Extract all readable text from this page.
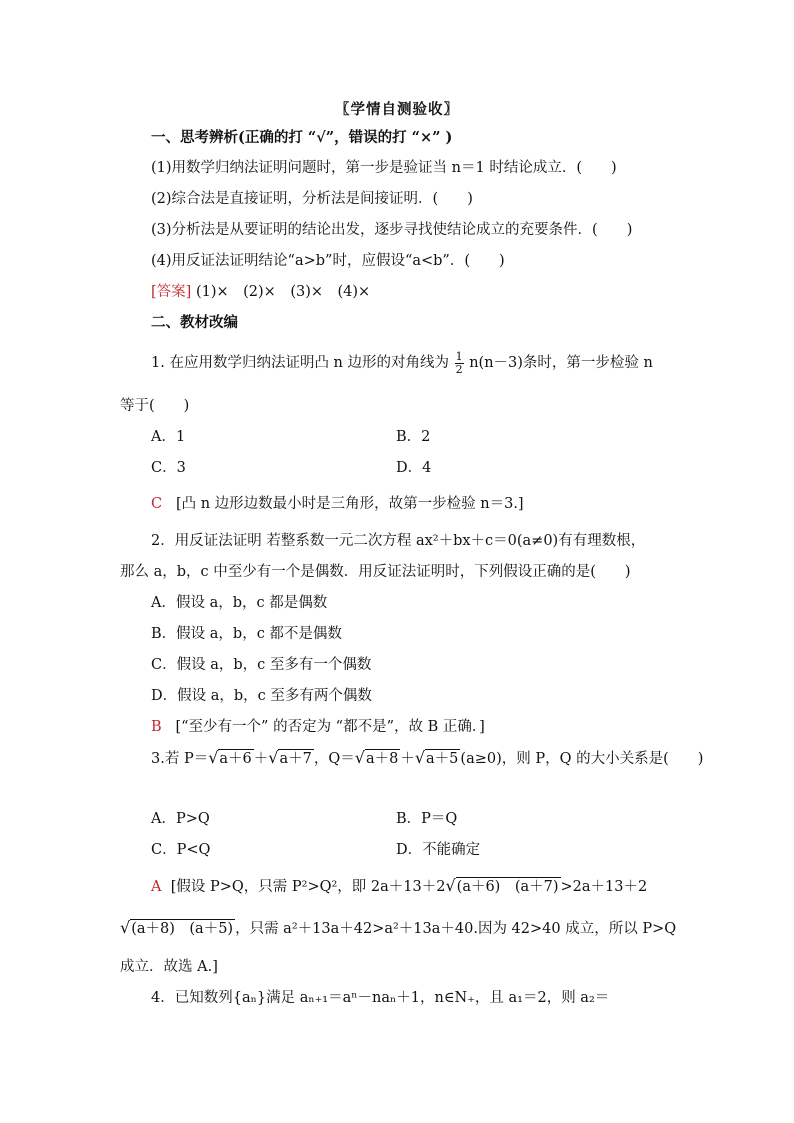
〖学情自测验收〗
一、思考辨析(正确的打 “√”，错误的打 “×” )
(1)用数学归纳法证明问题时，第一步是验证当 n＝1 时结论成立．(　　)
(2)综合法是直接证明，分析法是间接证明．(　　)
(3)分析法是从要证明的结论出发，逐步寻找使结论成立的充要条件．(　　)
(4)用反证法证明结论“a>b”时，应假设“a<b”．(　　)
[答案] (1)×　(2)×　(3)×　(4)×
二、教材改编
1. 在应用数学归纳法证明凸 n 边形的对角线为 $\frac{1}{2} n(n-3)$条时，第一步检验 n
等于(　　)
A．1	B．2
C．3	D．4
C [凸 n 边形边数最小时是三角形，故第一步检验 n＝3.]
2．用反证法证明 若整系数一元二次方程 ax²＋bx＋c＝0(a≠0)有有理数根，
那么 a，b，c 中至少有一个是偶数．用反证法证明时，下列假设正确的是(　　)
A．假设 a，b，c 都是偶数
B．假设 a，b，c 都不是偶数
C．假设 a，b，c 至多有一个偶数
D．假设 a，b，c 至多有两个偶数
B [“至少有一个” 的否定为 “都不是”，故 B 正确．]
3.若 P＝√a＋6 ＋√a＋7 ，Q＝√a＋8 ＋√a＋5 (a≥0)，则 P，Q 的大小关系是(　　)
A．P>Q	B．P＝Q
C．P<Q	D．不能确定
A [假设 P>Q，只需 P²>Q²，即 2a＋13＋2√(a＋6)　(a＋7) >2a＋13＋2
√(a＋8)　(a＋5) ，只需 a²＋13a＋42>a²＋13a＋40.因为 42>40 成立，所以 P>Q
成立．故选 A.]
4．已知数列{aₙ}满足 aₙ₊₁＝aⁿ－naₙ＋1，n∈N₊，且 a₁＝2，则 a₂＝
